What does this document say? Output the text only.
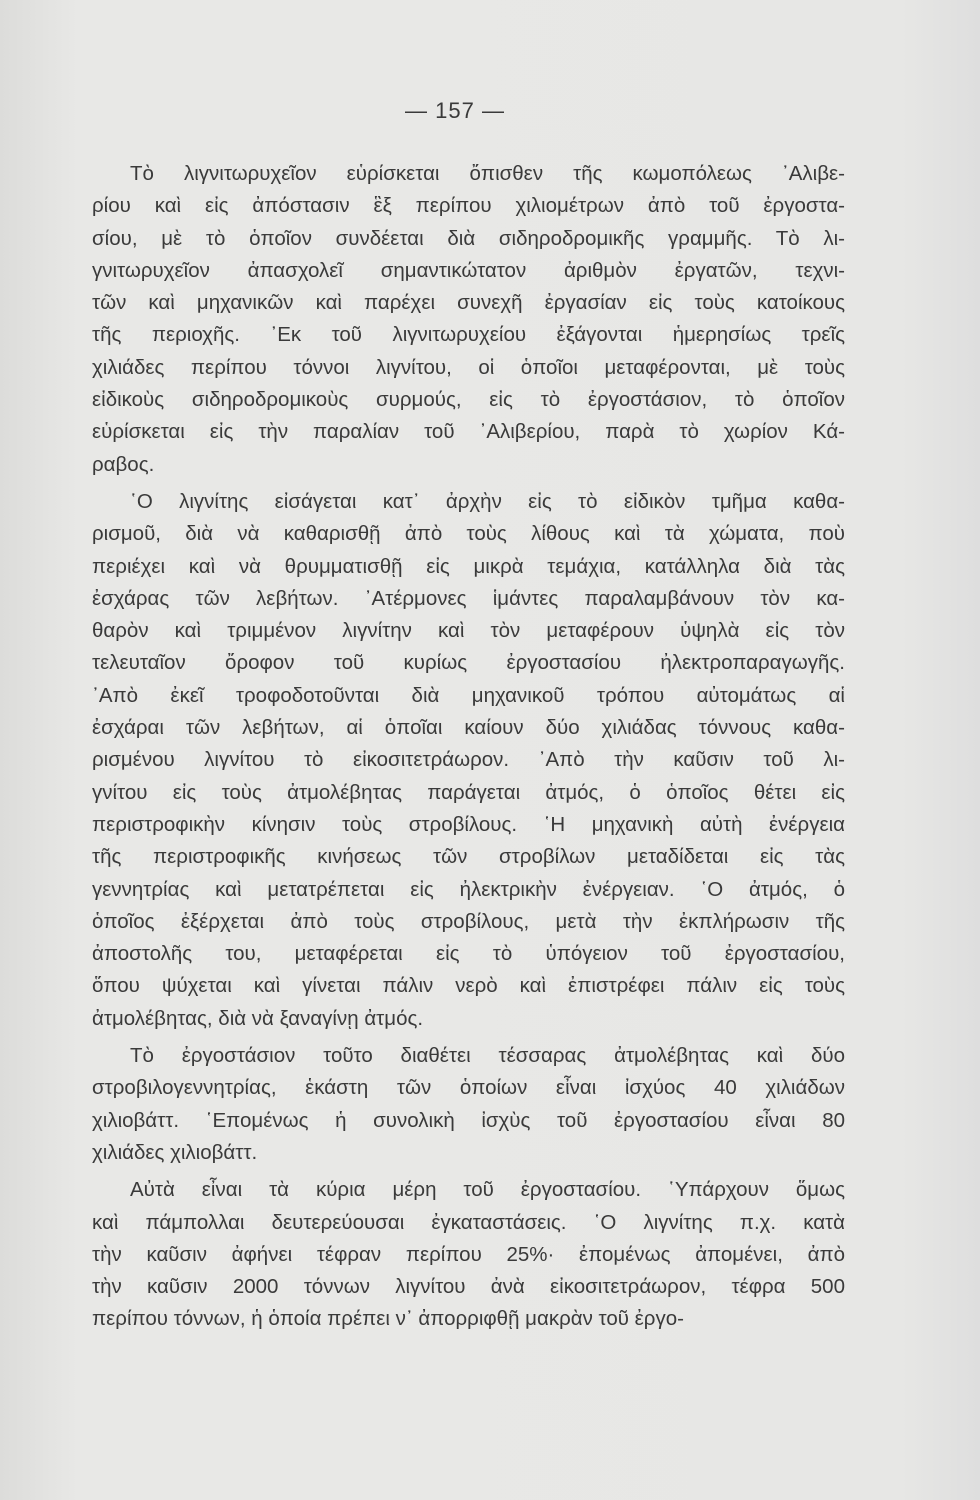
— 157 —
Τὸ λιγνιτωρυχεῖον εὑρίσκεται ὄπισθεν τῆς κωμοπόλεως ᾽Αλιβε-
ρίου καὶ εἰς ἀπόστασιν ἓξ περίπου χιλιομέτρων ἀπὸ τοῦ ἐργοστα-
σίου, μὲ τὸ ὁποῖον συνδέεται διὰ σιδηροδρομικῆς γραμμῆς. Τὸ λι-
γνιτωρυχεῖον ἀπασχολεῖ σημαντικώτατον ἀριθμὸν ἐργατῶν, τεχνι-
τῶν καὶ μηχανικῶν καὶ παρέχει συνεχῆ ἐργασίαν εἰς τοὺς κατοίκους
τῆς περιοχῆς. ᾽Εκ τοῦ λιγνιτωρυχείου ἐξάγονται ἡμερησίως τρεῖς
χιλιάδες περίπου τόννοι λιγνίτου, οἱ ὁποῖοι μεταφέρονται, μὲ τοὺς
εἰδικοὺς σιδηροδρομικοὺς συρμούς, εἰς τὸ ἐργοστάσιον, τὸ ὁποῖον
εὑρίσκεται εἰς τὴν παραλίαν τοῦ ᾽Αλιβερίου, παρὰ τὸ χωρίον Κά-
ραβος.
῾Ο λιγνίτης εἰσάγεται κατ᾽ ἀρχὴν εἰς τὸ εἰδικὸν τμῆμα καθα-
ρισμοῦ, διὰ νὰ καθαρισθῇ ἀπὸ τοὺς λίθους καὶ τὰ χώματα, ποὺ
περιέχει καὶ νὰ θρυμματισθῇ εἰς μικρὰ τεμάχια, κατάλληλα διὰ τὰς
ἐσχάρας τῶν λεβήτων. ᾽Ατέρμονες ἱμάντες παραλαμβάνουν τὸν κα-
θαρὸν καὶ τριμμένον λιγνίτην καὶ τὸν μεταφέρουν ὑψηλὰ εἰς τὸν
τελευταῖον ὄροφον τοῦ κυρίως ἐργοστασίου ἠλεκτροπαραγωγῆς.
᾽Απὸ ἐκεῖ τροφοδοτοῦνται διὰ μηχανικοῦ τρόπου αὐτομάτως αἱ
ἐσχάραι τῶν λεβήτων, αἱ ὁποῖαι καίουν δύο χιλιάδας τόννους καθα-
ρισμένου λιγνίτου τὸ εἰκοσιτετράωρον. ᾽Απὸ τὴν καῦσιν τοῦ λι-
γνίτου εἰς τοὺς ἀτμολέβητας παράγεται ἀτμός, ὁ ὁποῖος θέτει εἰς
περιστροφικὴν κίνησιν τοὺς στροβίλους. ῾Η μηχανικὴ αὐτὴ ἐνέργεια
τῆς περιστροφικῆς κινήσεως τῶν στροβίλων μεταδίδεται εἰς τὰς
γεννητρίας καὶ μετατρέπεται εἰς ἠλεκτρικὴν ἐνέργειαν. ῾Ο ἀτμός, ὁ
ὁποῖος ἐξέρχεται ἀπὸ τοὺς στροβίλους, μετὰ τὴν ἐκπλήρωσιν τῆς
ἀποστολῆς του, μεταφέρεται εἰς τὸ ὑπόγειον τοῦ ἐργοστασίου,
ὅπου ψύχεται καὶ γίνεται πάλιν νερὸ καὶ ἐπιστρέφει πάλιν εἰς τοὺς
ἀτμολέβητας, διὰ νὰ ξαναγίνῃ ἀτμός.
Τὸ ἐργοστάσιον τοῦτο διαθέτει τέσσαρας ἀτμολέβητας καὶ δύο
στροβιλογεννητρίας, ἑκάστη τῶν ὁποίων εἶναι ἰσχύος 40 χιλιάδων
χιλιοβάττ. ῾Επομένως ἡ συνολικὴ ἰσχὺς τοῦ ἐργοστασίου εἶναι 80
χιλιάδες χιλιοβάττ.
Αὐτὰ εἶναι τὰ κύρια μέρη τοῦ ἐργοστασίου. ῾Υπάρχουν ὅμως
καὶ πάμπολλαι δευτερεύουσαι ἐγκαταστάσεις. ῾Ο λιγνίτης π.χ. κατὰ
τὴν καῦσιν ἀφήνει τέφραν περίπου 25%· ἐπομένως ἀπομένει, ἀπὸ
τὴν καῦσιν 2000 τόννων λιγνίτου ἀνὰ εἰκοσιτετράωρον, τέφρα 500
περίπου τόννων, ἡ ὁποία πρέπει ν᾽ ἀπορριφθῇ μακρὰν τοῦ ἐργο-
